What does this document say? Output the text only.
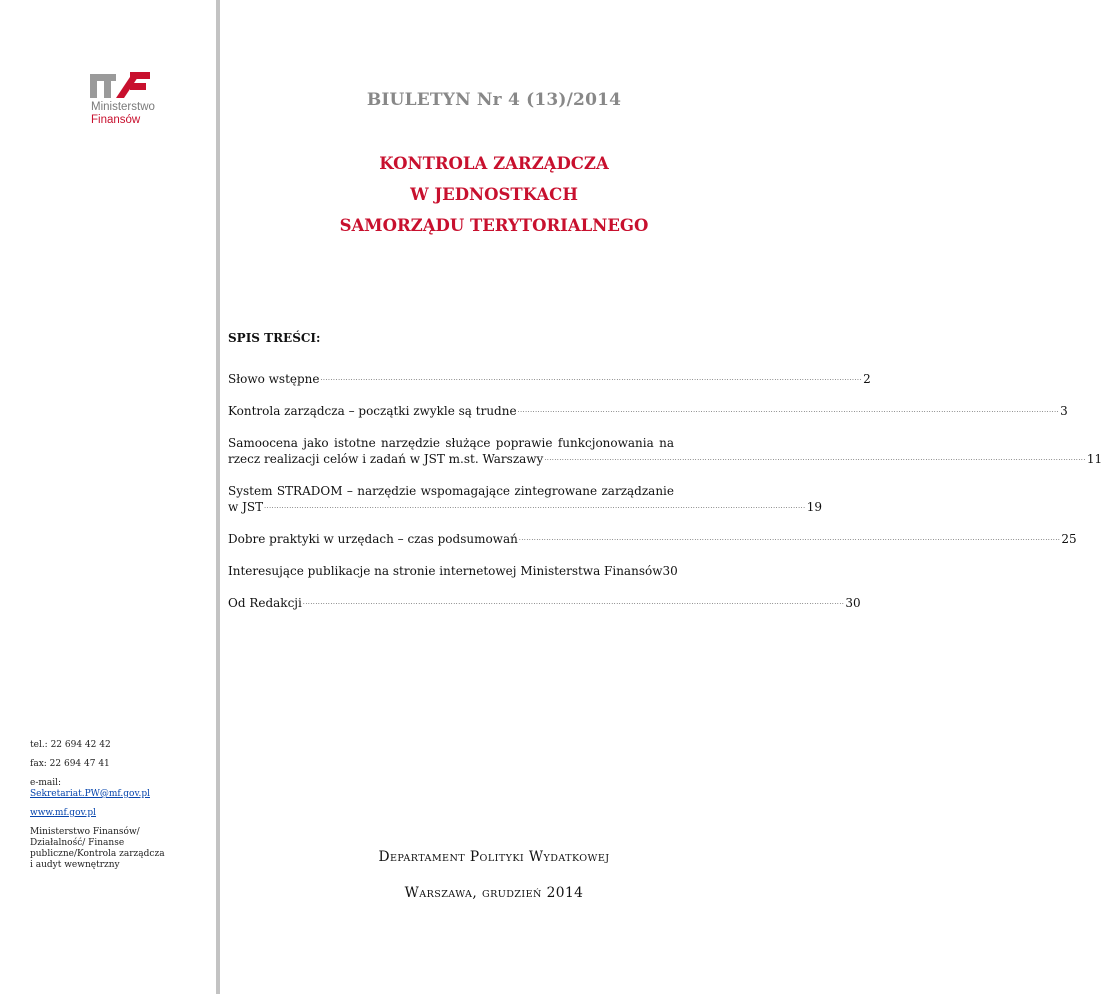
Ministerstwo
Finansów
BIULETYN Nr 4 (13)/2014
KONTROLA ZARZĄDCZA
W JEDNOSTKACH
SAMORZĄDU TERYTORIALNEGO
SPIS TREŚCI:
Słowo wstępne ........................................................................................................................................................................................................................ 2
Kontrola zarządcza – początki zwykle są trudne ........................................................................................................................................................................................................................ 3
Samoocena jako istotne narzędzie służące poprawie funkcjonowania na
rzecz realizacji celów i zadań w JST m.st. Warszawy ........................................................................................................................................................................................................................ 11
System STRADOM – narzędzie wspomagające zintegrowane zarządzanie
w JST ........................................................................................................................................................................................................................ 19
Dobre praktyki w urzędach – czas podsumowań ........................................................................................................................................................................................................................ 25
Interesujące publikacje na stronie internetowej Ministerstwa Finansów 30
Od Redakcji ........................................................................................................................................................................................................................ 30
tel.: 22 694 42 42
fax: 22 694 47 41
e-mail:
Sekretariat.PW@mf.gov.pl
www.mf.gov.pl
Ministerstwo Finansów/
Działalność/ Finanse
publiczne/Kontrola zarządcza
i audyt wewnętrzny	DEPARTAMENT POLITYKI WYDATKOWEJ
WARSZAWA, GRUDZIEŃ 2014
